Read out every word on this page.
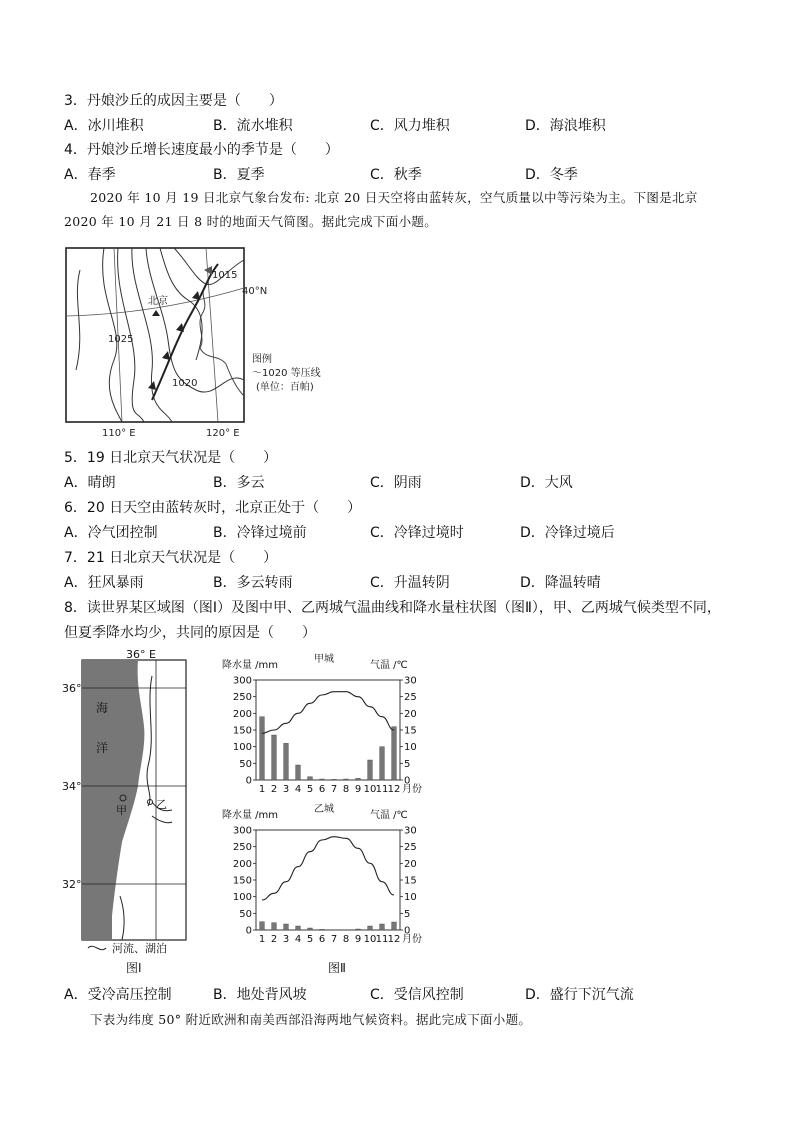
3．丹娘沙丘的成因主要是（　　）
A．冰川堆积	B．流水堆积	C．风力堆积	D．海浪堆积
4．丹娘沙丘增长速度最小的季节是（　　）
A．春季	B．夏季	C．秋季	D．冬季
2020 年 10 月 19 日北京气象台发布: 北京 20 日天空将由蓝转灰，空气质量以中等污染为主。下图是北京 2020 年 10 月 21 日 8 时的地面天气简图。据此完成下面小题。
北京
1015
1025
1020
40°N
110° E	120° E
图例
～1020 等压线
(单位：百帕)
5．19 日北京天气状况是（　　）
A．晴朗	B．多云	C．阴雨	D．大风
6．20 日天空由蓝转灰时，北京正处于（　　）
A．冷气团控制	B．冷锋过境前	C．冷锋过境时	D．冷锋过境后
7．21 日北京天气状况是（　　）
A．狂风暴雨	B．多云转雨	C．升温转阴	D．降温转晴
8．读世界某区域图（图Ⅰ）及图中甲、乙两城气温曲线和降水量柱状图（图Ⅱ），甲、乙两城气候类型不同，
但夏季降水均少，共同的原因是（　　）
甲	乙
海
洋
36° E
36°
34°
32°
河流、湖泊
图Ⅰ
降水量 /mm
甲城
气温 /℃
0
50
100
150
200
250
300
0
5
10
15
20
25
30
1 2 3 4 5 6 7 8 9 10 11 12 月份
降水量 /mm
乙城
气温 /℃
0
50
100
150
200
250
300
0
5
10
15
20
25
30
1 2 3 4 5 6 7 8 9 10 11 12 月份
图Ⅱ
A．受冷高压控制	B．地处背风坡	C．受信风控制	D．盛行下沉气流
下表为纬度 50° 附近欧洲和南美西部沿海两地气候资料。据此完成下面小题。
